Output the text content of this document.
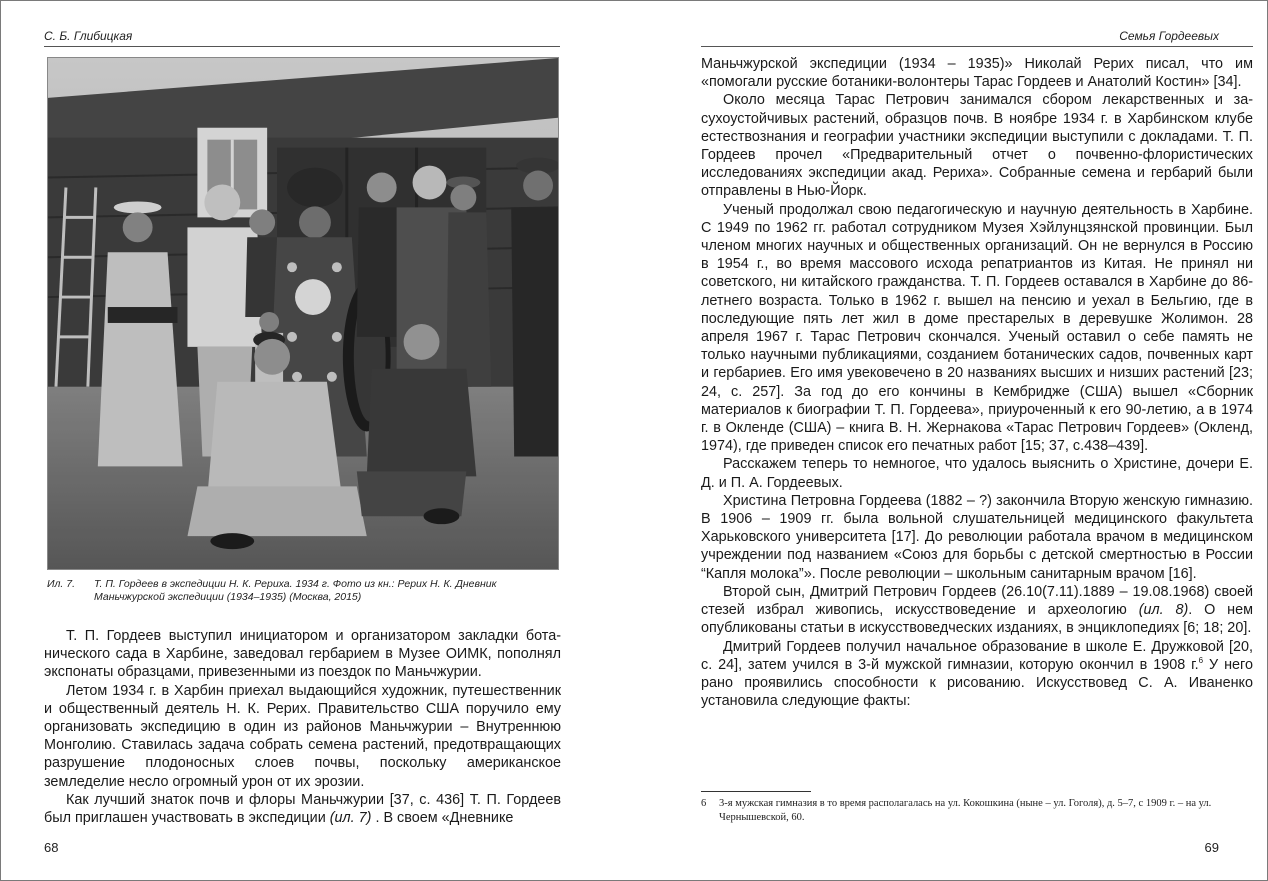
С. Б. Глибицкая
Ил. 7. Т. П. Гордеев в экспедиции Н. К. Рериха. 1934 г. Фото из кн.: Рерих Н. К. Дневник Маньчжурской экспедиции (1934–1935) (Москва, 2015)

Т. П. Гордеев выступил инициатором и организатором закладки ботанического сада в Харбине, заведовал гербарием в Музее ОИМК, пополнял экспонаты образцами, привезенными из поездок по Маньчжурии.

Летом 1934 г. в Харбин приехал выдающийся художник, путешественник и общественный деятель Н. К. Рерих. Правительство США поручило ему организовать экспедицию в один из районов Маньчжурии – Внутреннюю Монголию. Ставилась задача собрать семена растений, предотвращающих разрушение плодоносных слоев почвы, поскольку американское земледелие несло огромный урон от их эрозии.

Как лучший знаток почв и флоры Маньчжурии [37, с. 436] Т. П. Гордеев был приглашен участвовать в экспедиции (ил. 7) . В своем «Дневнике

68
Семья Гордеевых

Маньчжурской экспедиции (1934 – 1935)» Николай Рерих писал, что им «помогали русские ботаники-волонтеры Тарас Гордеев и Анатолий Костин» [34].

Около месяца Тарас Петрович занимался сбором лекарственных и засухоустойчивых растений, образцов почв. В ноябре 1934 г. в Харбинском клубе естествознания и географии участники экспедиции выступили с докладами. Т. П. Гордеев прочел «Предварительный отчет о почвенно-флористических исследованиях экспедиции акад. Рериха». Собранные семена и гербарий были отправлены в Нью-Йорк.

Ученый продолжал свою педагогическую и научную деятельность в Харбине. С 1949 по 1962 гг. работал сотрудником Музея Хэйлунцзянской провинции. Был членом многих научных и общественных организаций. Он не вернулся в Россию в 1954 г., во время массового исхода репатриантов из Китая. Не принял ни советского, ни китайского гражданства. Т. П. Гордеев оставался в Харбине до 86-летнего возраста. Только в 1962 г. вышел на пенсию и уехал в Бельгию, где в последующие пять лет жил в доме престарелых в деревушке Жолимон. 28 апреля 1967 г. Тарас Петрович скончался. Ученый оставил о себе память не только научными публикациями, созданием ботанических садов, почвенных карт и гербариев. Его имя увековечено в 20 названиях высших и низших растений [23; 24, с. 257]. За год до его кончины в Кембридже (США) вышел «Сборник материалов к биографии Т. П. Гордеева», приуроченный к его 90-летию, а в 1974 г. в Окленде (США) – книга В. Н. Жернакова «Тарас Петрович Гордеев» (Окленд, 1974), где приведен список его печатных работ [15; 37, с.438–439].

Расскажем теперь то немногое, что удалось выяснить о Христине, дочери Е. Д. и П. А. Гордеевых.

Христина Петровна Гордеева (1882 – ?) закончила Вторую женскую гимназию. В 1906 – 1909 гг. была вольной слушательницей медицинского факультета Харьковского университета [17]. До революции работала врачом в медицинском учреждении под названием «Союз для борьбы с детской смертностью в России “Капля молока”». После революции – школьным санитарным врачом [16].

Второй сын, Дмитрий Петрович Гордеев (26.10(7.11).1889 – 19.08.1968) своей стезей избрал живопись, искусствоведение и археологию (ил. 8). О нем опубликованы статьи в искусствоведческих изданиях, в энциклопедиях [6; 18; 20].

Дмитрий Гордеев получил начальное образование в школе Е. Дружковой [20, с. 24], затем учился в 3-й мужской гимназии, которую окончил в 1908 г.$^6$ У него рано проявились способности к рисованию. Искусствовед С. А. Иваненко установила следующие факты:

6 3-я мужская гимназия в то время располагалась на ул. Кокошкина (ныне – ул. Гоголя), д. 5–7, с 1909 г. – на ул. Чернышевской, 60.
69
